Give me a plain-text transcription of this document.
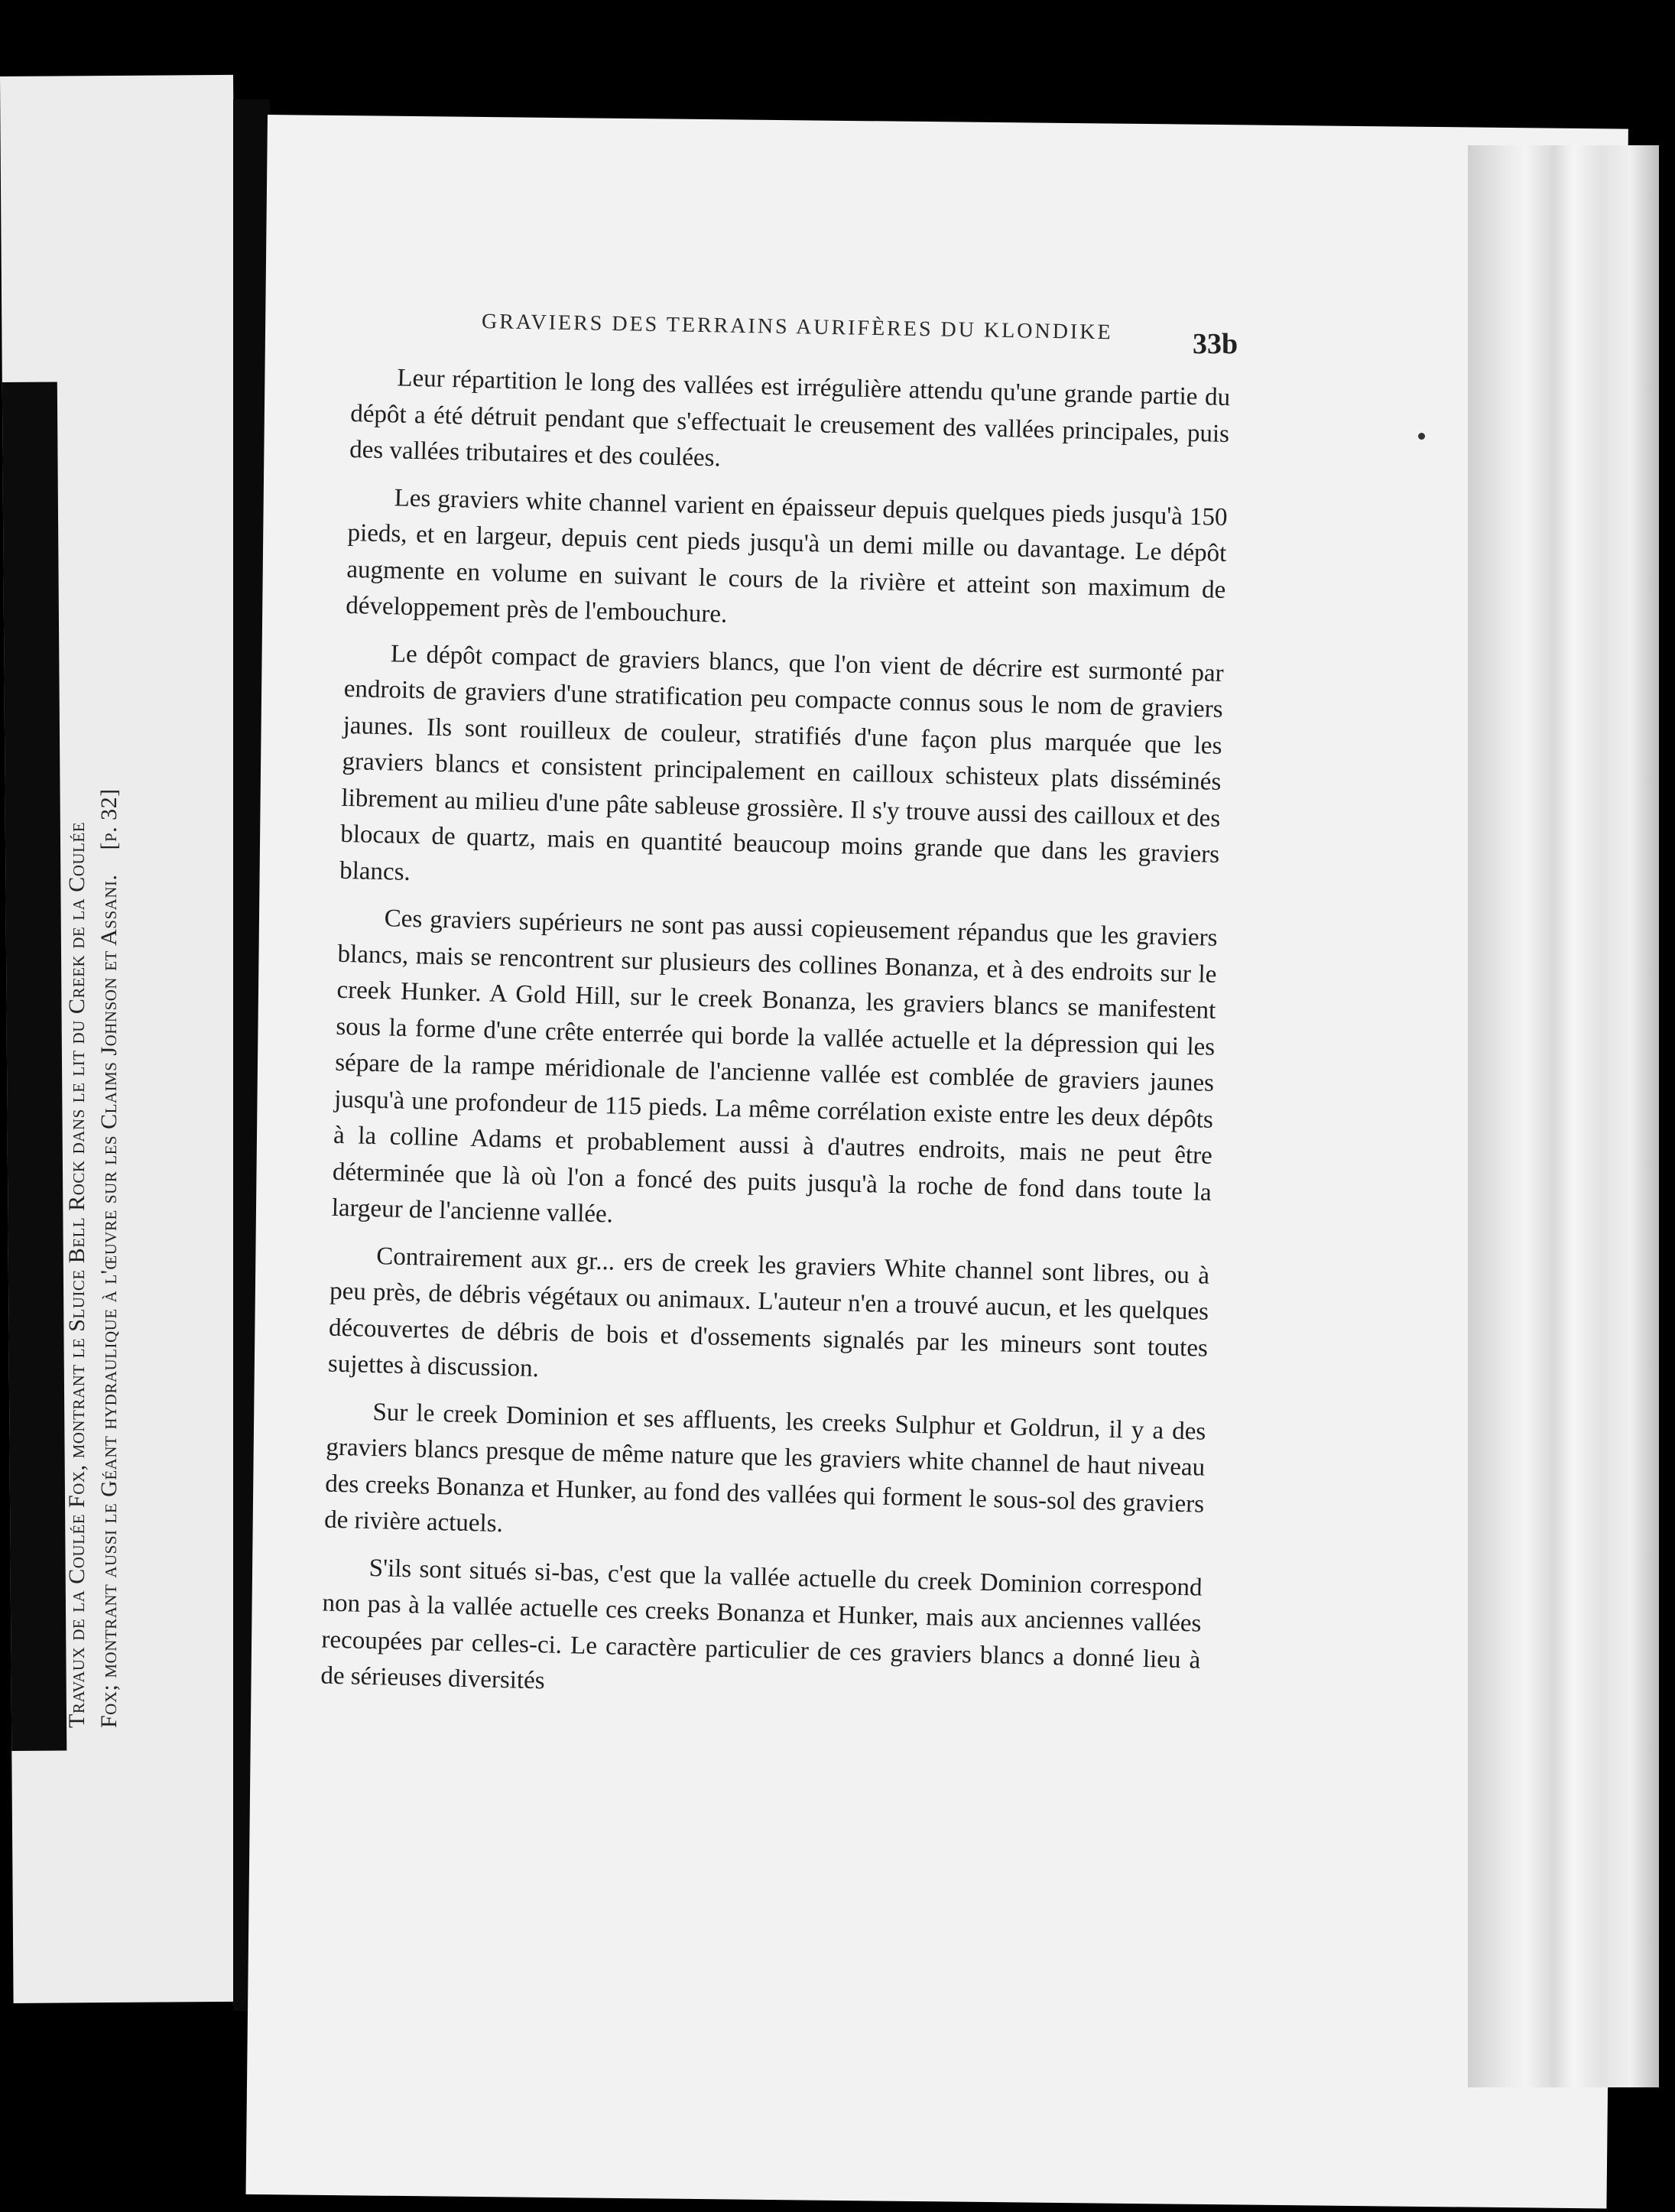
Travaux de la Coulée Fox, montrant le Sluice Bell Rock dans le lit du Creek de la Coulée Fox; montrant aussi le Géant hydraulique à l'œuvre sur les Claims Johnson et Assani. [p. 32]
GRAVIERS DES TERRAINS AURIFÈRES DU KLONDIKE	33b

Leur répartition le long des vallées est irrégulière attendu qu'une grande partie du dépôt a été détruit pendant que s'effectuait le creusement des vallées principales, puis des vallées tributaires et des coulées.

Les graviers white channel varient en épaisseur depuis quelques pieds jusqu'à 150 pieds, et en largeur, depuis cent pieds jusqu'à un demi mille ou davantage. Le dépôt augmente en volume en suivant le cours de la rivière et atteint son maximum de développement près de l'embouchure.

Le dépôt compact de graviers blancs, que l'on vient de décrire est surmonté par endroits de graviers d'une stratification peu compacte connus sous le nom de graviers jaunes. Ils sont rouilleux de couleur, stratifiés d'une façon plus marquée que les graviers blancs et consistent principalement en cailloux schisteux plats disséminés librement au milieu d'une pâte sableuse grossière. Il s'y trouve aussi des cailloux et des blocaux de quartz, mais en quantité beaucoup moins grande que dans les graviers blancs.

Ces graviers supérieurs ne sont pas aussi copieusement répandus que les graviers blancs, mais se rencontrent sur plusieurs des collines Bonanza, et à des endroits sur le creek Hunker. A Gold Hill, sur le creek Bonanza, les graviers blancs se manifestent sous la forme d'une crête enterrée qui borde la vallée actuelle et la dépression qui les sépare de la rampe méridionale de l'ancienne vallée est comblée de graviers jaunes jusqu'à une profondeur de 115 pieds. La même corrélation existe entre les deux dépôts à la colline Adams et probablement aussi à d'autres endroits, mais ne peut être déterminée que là où l'on a foncé des puits jusqu'à la roche de fond dans toute la largeur de l'ancienne vallée.

Contrairement aux gr... ers de creek les graviers White channel sont libres, ou à peu près, de débris végétaux ou animaux. L'auteur n'en a trouvé aucun, et les quelques découvertes de débris de bois et d'ossements signalés par les mineurs sont toutes sujettes à discussion.

Sur le creek Dominion et ses affluents, les creeks Sulphur et Goldrun, il y a des graviers blancs presque de même nature que les graviers white channel de haut niveau des creeks Bonanza et Hunker, au fond des vallées qui forment le sous-sol des graviers de rivière actuels.

S'ils sont situés si-bas, c'est que la vallée actuelle du creek Dominion correspond non pas à la vallée actuelle ces creeks Bonanza et Hunker, mais aux anciennes vallées recoupées par celles-ci. Le caractère particulier de ces graviers blancs a donné lieu à de sérieuses diversités
